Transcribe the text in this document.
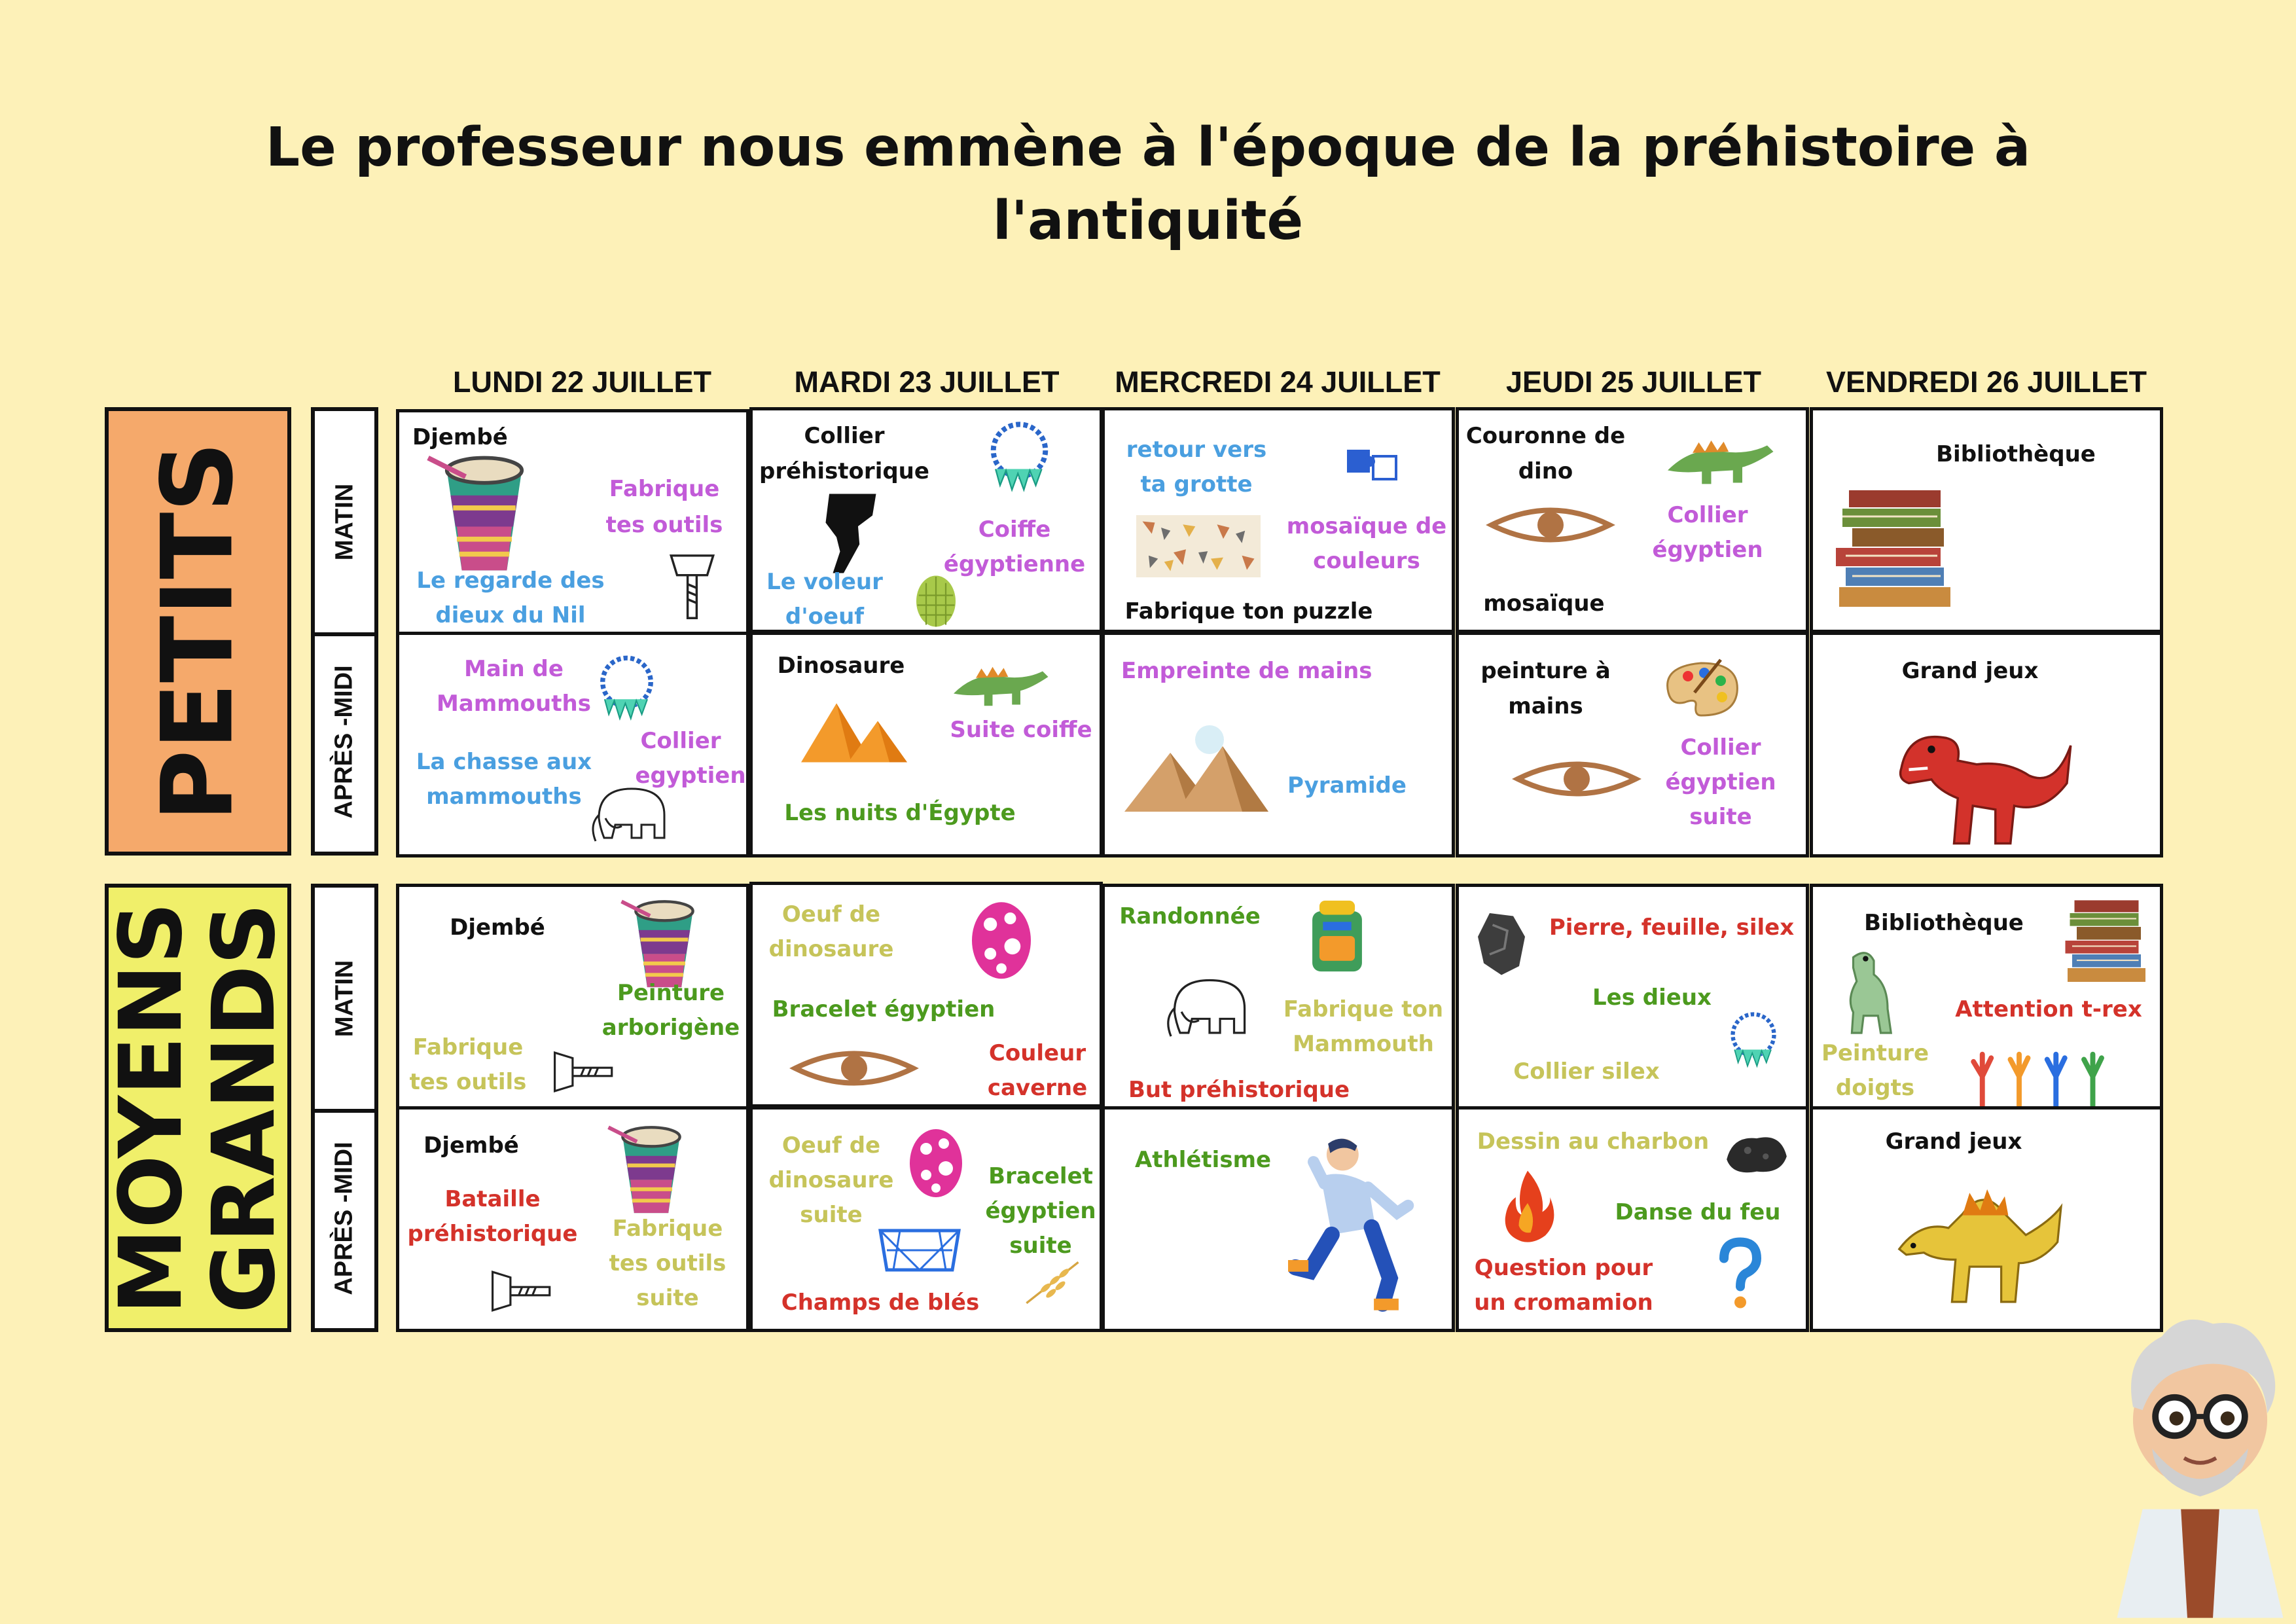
Le professeur nous emmène à l'époque de la préhistoire à
l'antiquité
LUNDI 22 JUILLET	MARDI 23 JUILLET	MERCREDI 24 JUILLET	JEUDI 25 JUILLET	VENDREDI 26 JUILLET
PETITS
MOYENS
GRANDS
MATIN
APRÈS -MIDI
MATIN
APRÈS -MIDI
Djembé
Fabrique
tes outils
Le regarde des
dieux du Nil
Collier
préhistorique
Coiffe
égyptienne
Le voleur
d'oeuf
retour vers
ta grotte
mosaïque de
couleurs
Fabrique ton puzzle
Couronne de
dino
Collier
égyptien
mosaïque
Bibliothèque
Main de
Mammouths
Collier
egyptien
La chasse aux
mammouths
Dinosaure
Suite coiffe
Les nuits d'Égypte
Empreinte de mains
Pyramide
peinture à
mains
Collier
égyptien
suite
Grand jeux
Djembé
Peinture
arborigène
Fabrique
tes outils
Oeuf de
dinosaure
Bracelet égyptien
Couleur
caverne
Randonnée
Fabrique ton
Mammouth
But préhistorique
Pierre, feuille, silex
Les dieux
Collier silex
Bibliothèque
Attention t-rex
Peinture
doigts
Djembé
Bataille
préhistorique	Fabrique
tes outils
suite
Oeuf de
dinosaure
suite
Bracelet
égyptien
suite
Champs de blés
Athlétisme
Dessin au charbon
Danse du feu
Question pour
un cromamion
Grand jeux
